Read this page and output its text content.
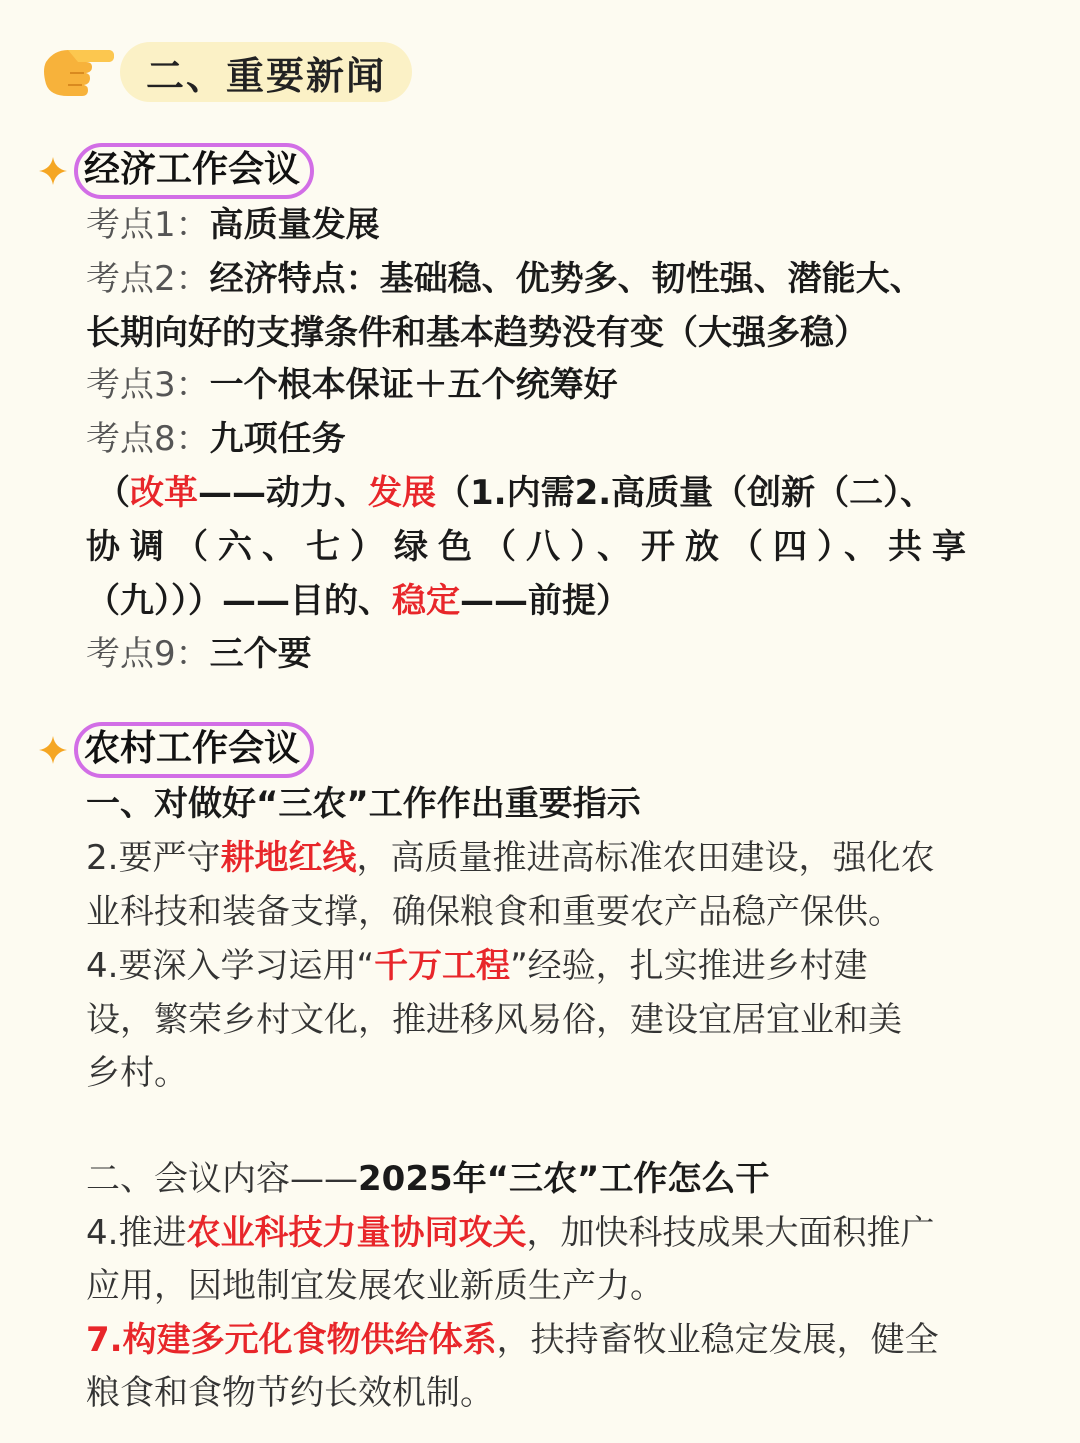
二、重要新闻
经济工作会议
考点1：高质量发展
考点2：经济特点：基础稳、优势多、韧性强、潜能大、
长期向好的支撑条件和基本趋势没有变（大强多稳）
考点3：一个根本保证＋五个统筹好
考点8：九项任务
（改革——动力、发展（1.内需2.高质量（创新（二）、
协调（六、七）绿色（八）、开放（四）、共享
（九）））——目的、稳定——前提）
考点9：三个要
农村工作会议
一、对做好“三农”工作作出重要指示
2.要严守耕地红线，高质量推进高标准农田建设，强化农
业科技和装备支撑，确保粮食和重要农产品稳产保供。
4.要深入学习运用“千万工程”经验，扎实推进乡村建
设，繁荣乡村文化，推进移风易俗，建设宜居宜业和美
乡村。
二、会议内容——2025年“三农”工作怎么干
4.推进农业科技力量协同攻关，加快科技成果大面积推广
应用，因地制宜发展农业新质生产力。
7.构建多元化食物供给体系，扶持畜牧业稳定发展，健全
粮食和食物节约长效机制。
